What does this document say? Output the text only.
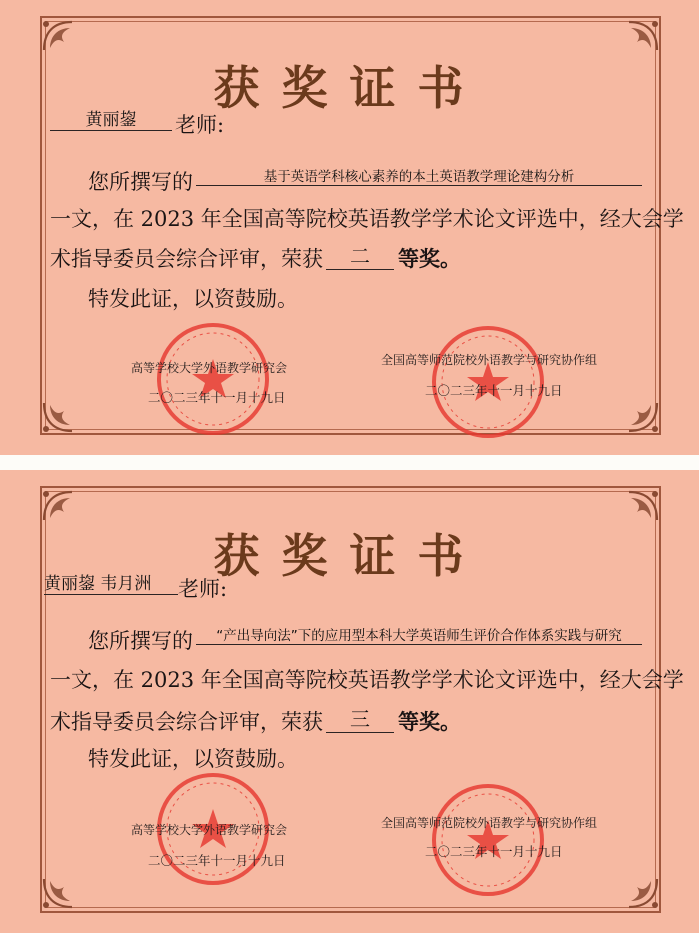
获奖证书
黄丽鋆	老师:
您所撰写的	基于英语学科核心素养的本土英语教学理论建构分析
一文，在 2023 年全国高等院校英语教学学术论文评选中，经大会学
术指导委员会综合评审，荣获	二	等奖。
特发此证，以资鼓励。
高等学校大学外语教学研究会
二〇二三年十一月十九日
全国高等师范院校外语教学与研究协作组
二〇二三年十一月十九日
获奖证书
黄丽鋆 韦月洲	老师:
您所撰写的	“产出导向法”下的应用型本科大学英语师生评价合作体系实践与研究
一文，在 2023 年全国高等院校英语教学学术论文评选中，经大会学
术指导委员会综合评审，荣获	三	等奖。
特发此证，以资鼓励。
高等学校大学外语教学研究会
二〇二三年十一月十九日
全国高等师范院校外语教学与研究协作组
二〇二三年十一月十九日
